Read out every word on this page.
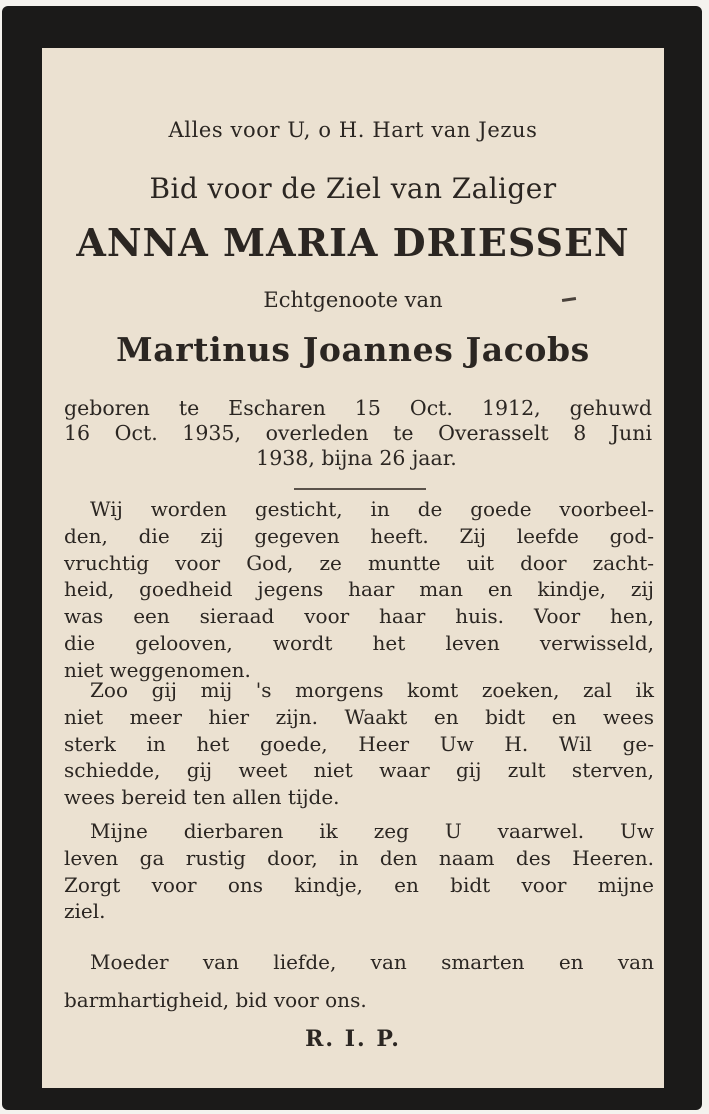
Alles voor U, o H. Hart van Jezus
Bid voor de Ziel van Zaliger
ANNA MARIA DRIESSEN
Echtgenoote van
Martinus Joannes Jacobs
geboren te Escharen 15 Oct. 1912, gehuwd
16 Oct. 1935, overleden te Overasselt 8 Juni
1938, bijna 26 jaar.
Wij worden gesticht, in de goede voorbeel-
den, die zij gegeven heeft. Zij leefde god-
vruchtig voor God, ze muntte uit door zacht-
heid, goedheid jegens haar man en kindje, zij
was een sieraad voor haar huis. Voor hen,
die gelooven, wordt het leven verwisseld,
niet weggenomen.
Zoo gij mij 's morgens komt zoeken, zal ik
niet meer hier zijn. Waakt en bidt en wees
sterk in het goede, Heer Uw H. Wil ge-
schiedde, gij weet niet waar gij zult sterven,
wees bereid ten allen tijde.
Mijne dierbaren ik zeg U vaarwel. Uw
leven ga rustig door, in den naam des Heeren.
Zorgt voor ons kindje, en bidt voor mijne
ziel.
Moeder van liefde, van smarten en van
barmhartigheid, bid voor ons.
R. I. P.
